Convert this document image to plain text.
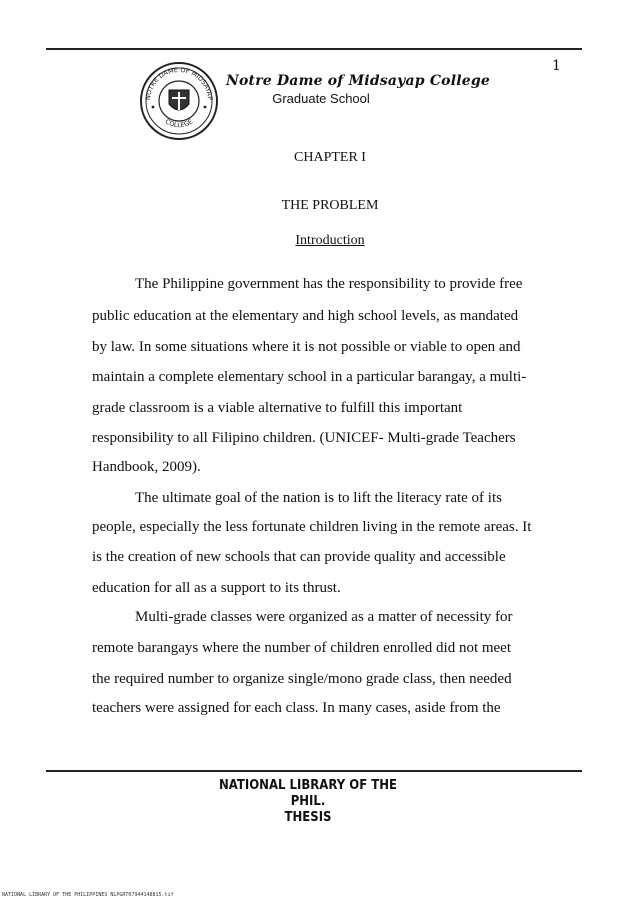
1
NOTRE DAME OF MIDSAYAP
COLLEGE
Notre Dame of Midsayap College
Graduate School
CHAPTER I
THE PROBLEM
Introduction
The Philippine government has the responsibility to provide free
public education at the elementary and high school levels, as mandated
by law. In some situations where it is not possible or viable to open and
maintain a complete elementary school in a particular barangay, a multi-
grade classroom is a viable alternative to fulfill this important
responsibility to all Filipino children. (UNICEF- Multi-grade Teachers
Handbook, 2009).
The ultimate goal of the nation is to lift the literacy rate of its
people, especially the less fortunate children living in the remote areas. It
is the creation of new schools that can provide quality and accessible
education for all as a support to its thrust.
Multi-grade classes were organized as a matter of necessity for
remote barangays where the number of children enrolled did not meet
the required number to organize single/mono grade class, then needed
teachers were assigned for each class. In many cases, aside from the
NATIONAL LIBRARY OF THE PHIL.
THESIS
NATIONAL LIBRARY OF THE PHILIPPINES NLPGRT07944148815.tif
